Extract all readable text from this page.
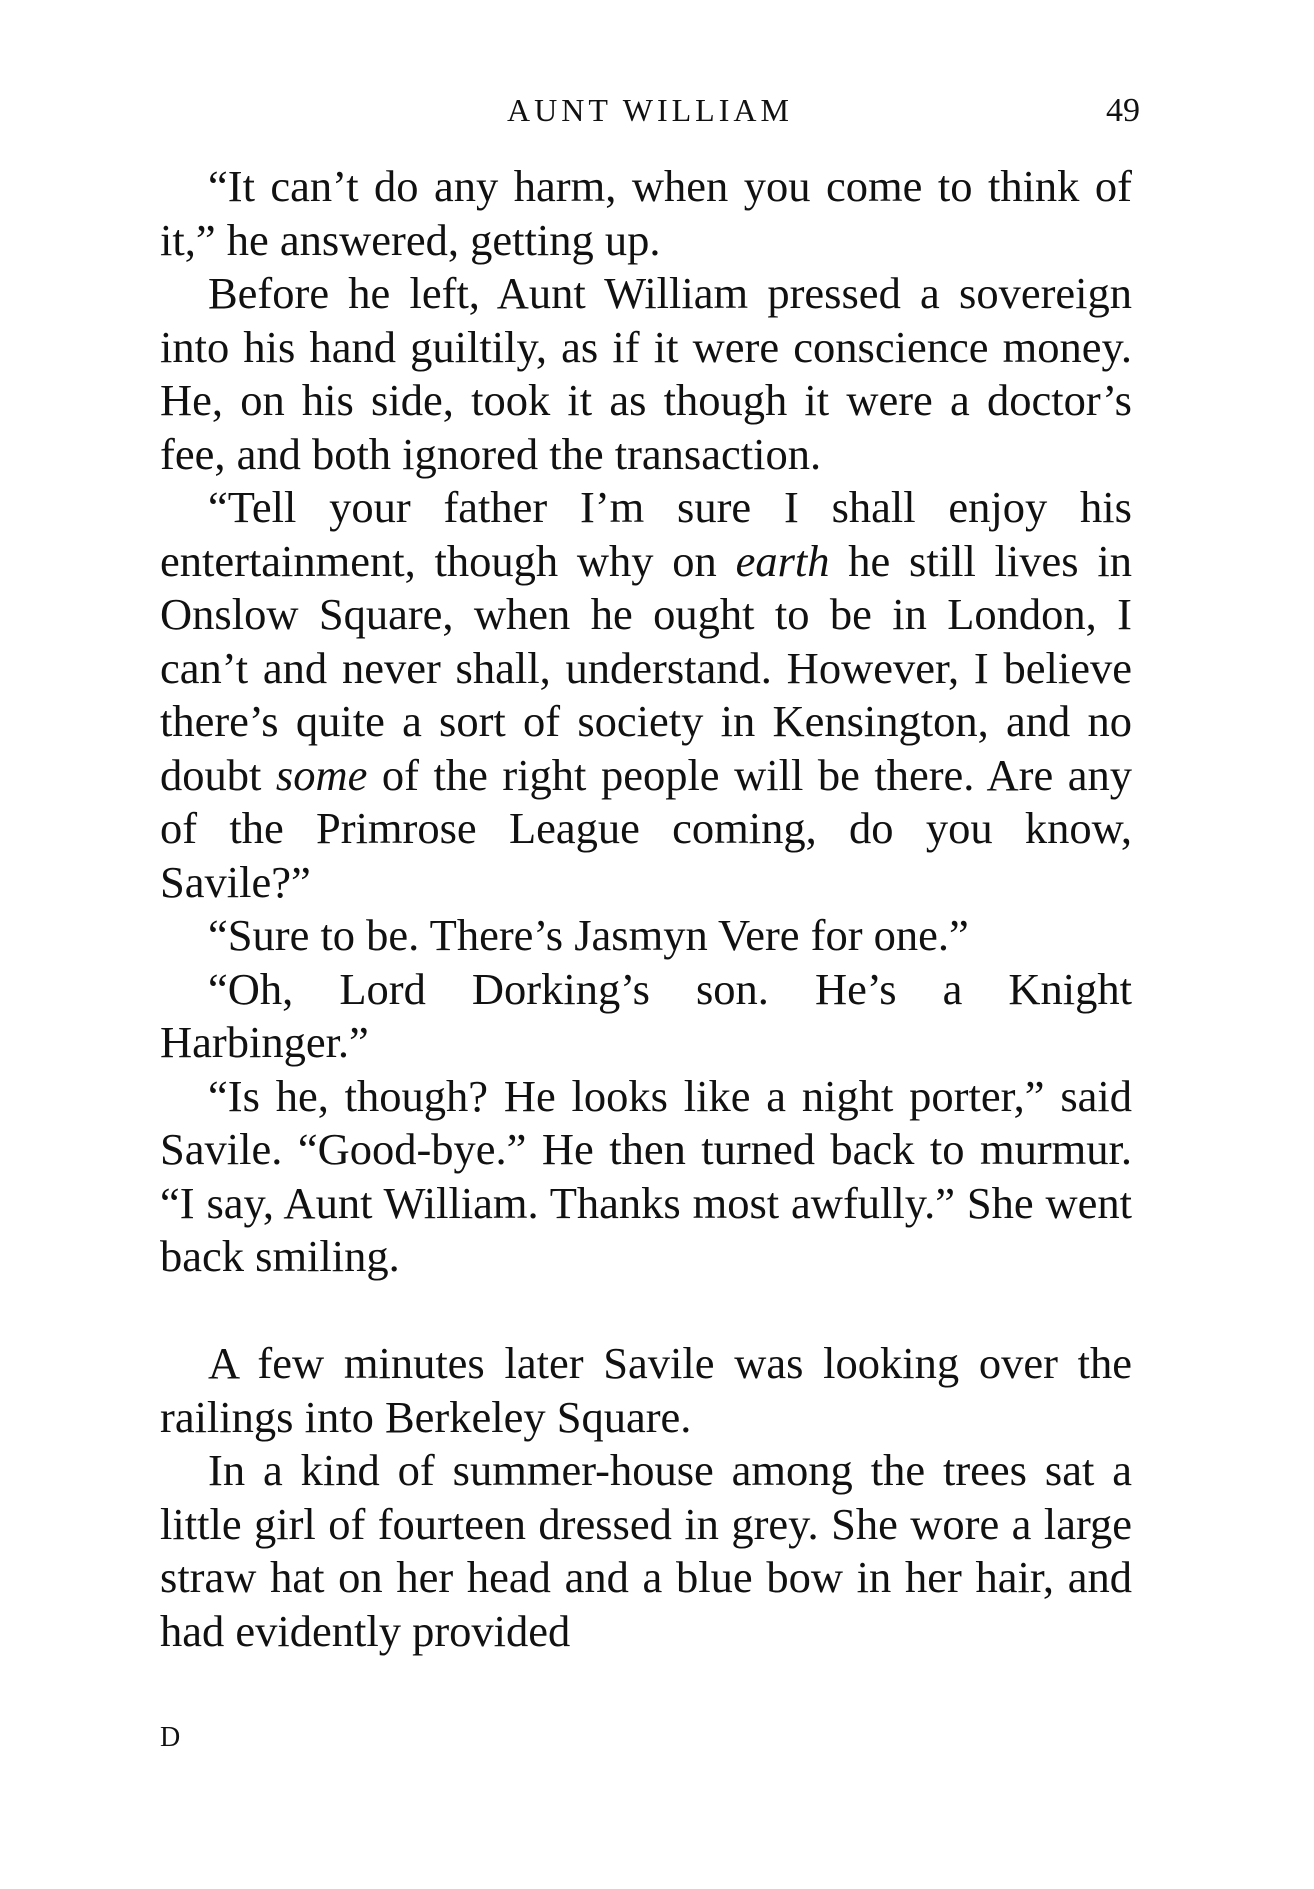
AUNT WILLIAM	49

“It can’t do any harm, when you come to think of it,” he answered, getting up.

Before he left, Aunt William pressed a sovereign into his hand guiltily, as if it were conscience money. He, on his side, took it as though it were a doctor’s fee, and both ignored the transaction.

“Tell your father I’m sure I shall enjoy his entertainment, though why on earth he still lives in Onslow Square, when he ought to be in London, I can’t and never shall, understand. However, I believe there’s quite a sort of society in Kensington, and no doubt some of the right people will be there. Are any of the Primrose League coming, do you know, Savile?”

“Sure to be. There’s Jasmyn Vere for one.”

“Oh, Lord Dorking’s son. He’s a Knight Harbinger.”

“Is he, though? He looks like a night porter,” said Savile. “Good-bye.” He then turned back to murmur. “I say, Aunt William. Thanks most awfully.” She went back smiling.

A few minutes later Savile was looking over the railings into Berkeley Square.

In a kind of summer-house among the trees sat a little girl of fourteen dressed in grey. She wore a large straw hat on her head and a blue bow in her hair, and had evidently provided

D
